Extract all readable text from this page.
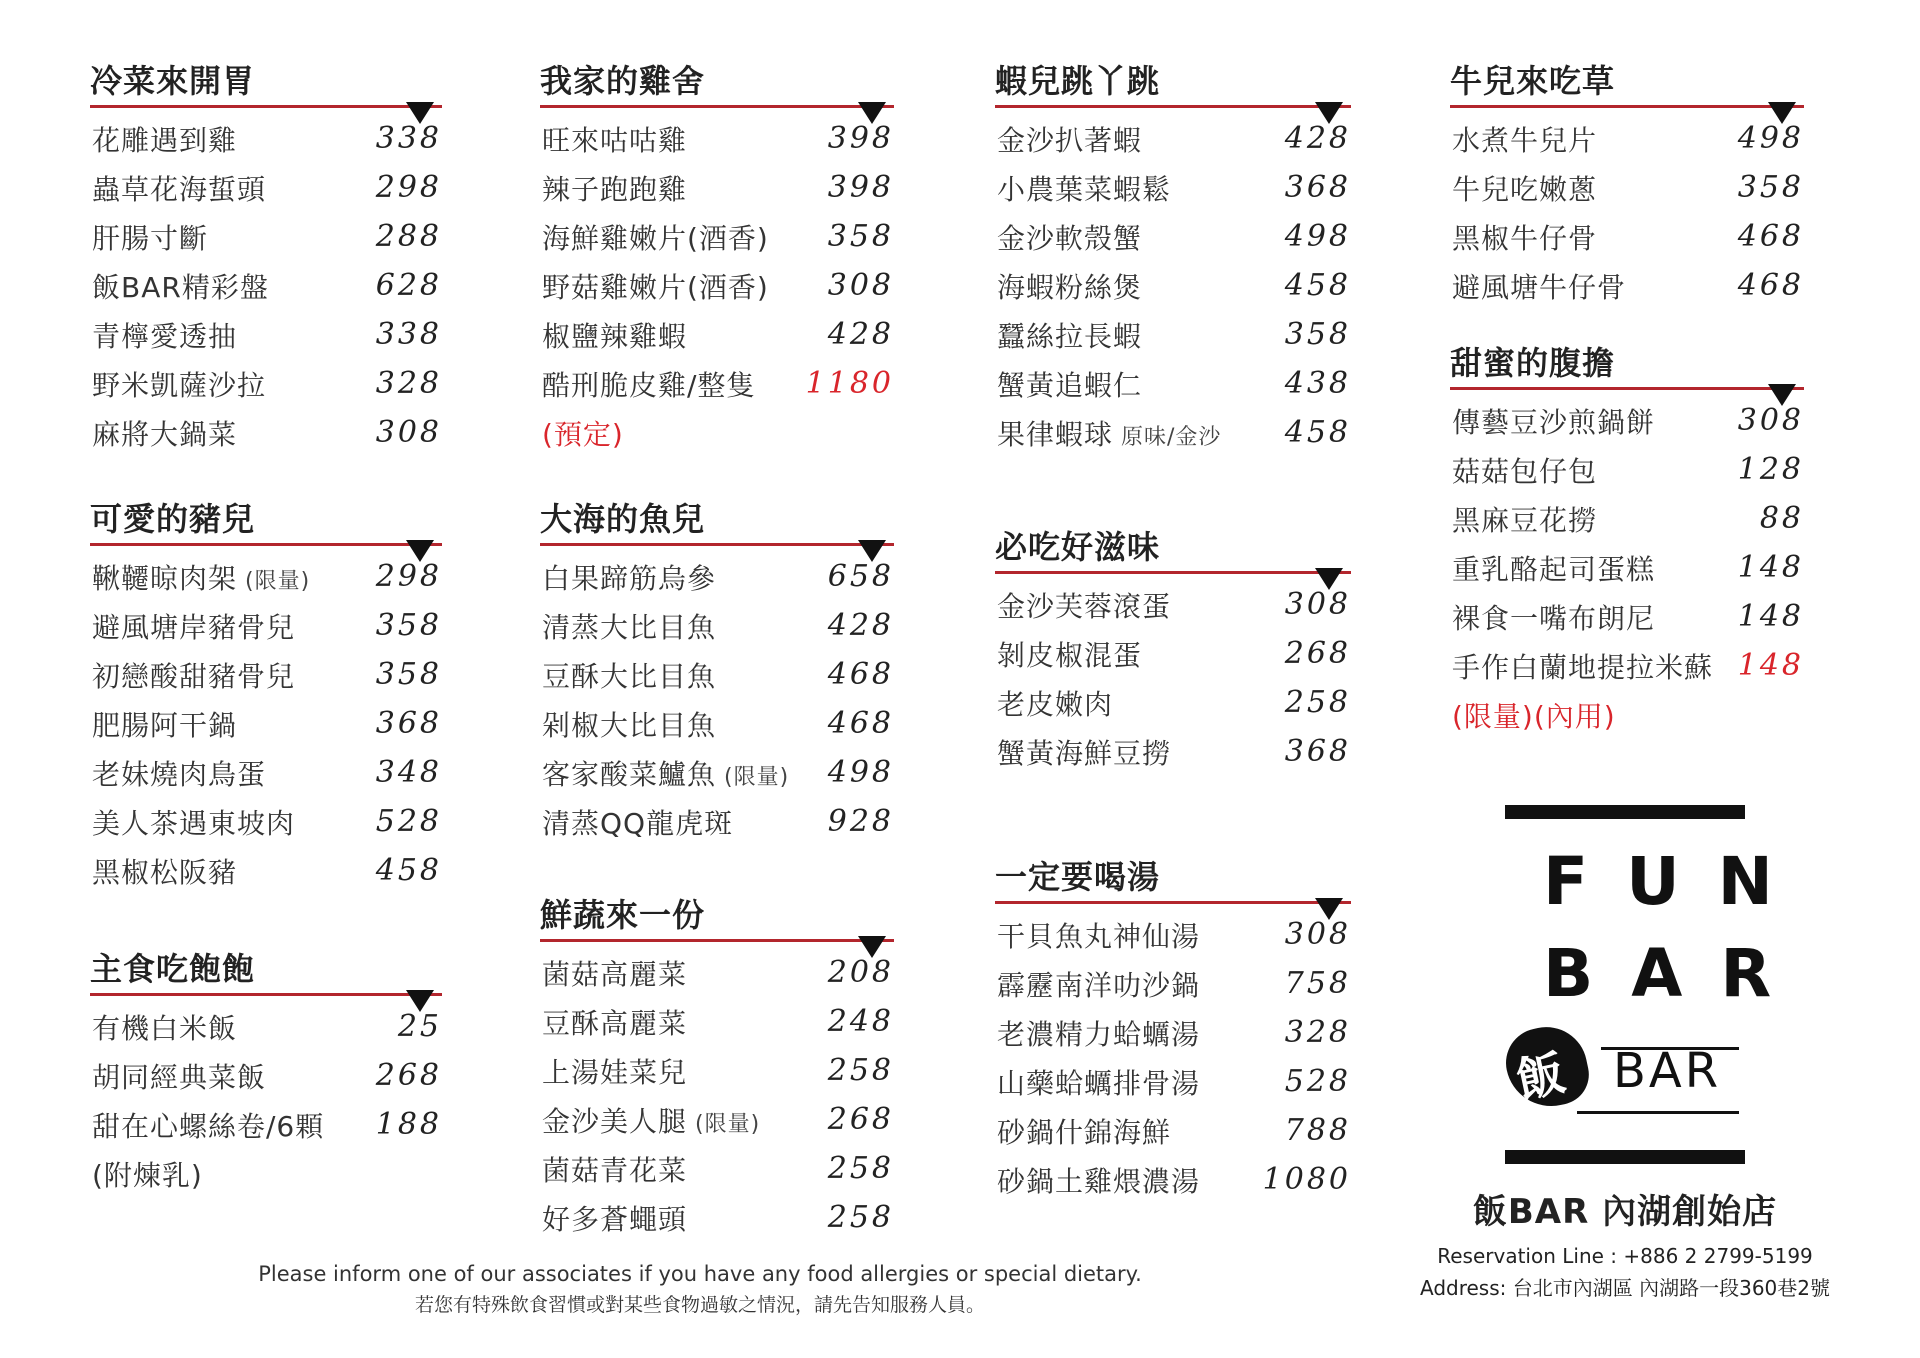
冷菜來開胃
花雕遇到雞	338
蟲草花海蜇頭	298
肝腸寸斷	288
飯BAR精彩盤	628
青檸愛透抽	338
野米凱薩沙拉	328
麻將大鍋菜	308
可愛的豬兒
鞦韆晾肉架 (限量) 298
避風塘岸豬骨兒	358
初戀酸甜豬骨兒	358
肥腸阿干鍋	368
老妹燒肉鳥蛋	348
美人茶遇東坡肉	528
黑椒松阪豬	458
主食吃飽飽
有機白米飯	25
胡同經典菜飯	268
甜在心螺絲卷/6顆 188
(附煉乳)
我家的雞舍
旺來咕咕雞	398
辣子跑跑雞	398
海鮮雞嫩片(酒香) 358
野菇雞嫩片(酒香) 308
椒鹽辣雞蝦	428
酷刑脆皮雞/整隻 1180
(預定)
大海的魚兒
白果蹄筋烏參	658
清蒸大比目魚	428
豆酥大比目魚	468
剁椒大比目魚	468
客家酸菜鱸魚 (限量) 498
清蒸QQ龍虎斑	928
鮮蔬來一份
菌菇高麗菜	208
豆酥高麗菜	248
上湯娃菜兒	258
金沙美人腿 (限量) 268
菌菇青花菜	258
好多蒼蠅頭	258
蝦兒跳丫跳
金沙扒著蝦	428
小農葉菜蝦鬆	368
金沙軟殼蟹	498
海蝦粉絲煲	458
蠶絲拉長蝦	358
蟹黃追蝦仁	438
果律蝦球 原味/金沙 458
必吃好滋味
金沙芙蓉滾蛋	308
剝皮椒混蛋	268
老皮嫩肉	258
蟹黃海鮮豆撈	368
一定要喝湯
干貝魚丸神仙湯	308
霹靂南洋叻沙鍋	758
老濃精力蛤蠣湯	328
山藥蛤蠣排骨湯	528
砂鍋什錦海鮮	788
砂鍋土雞煨濃湯 1080
牛兒來吃草
水煮牛兒片	498
牛兒吃嫩蔥	358
黑椒牛仔骨	468
避風塘牛仔骨	468
甜蜜的腹擔
傳藝豆沙煎鍋餅	308
菇菇包仔包	128
黑麻豆花撈	88
重乳酪起司蛋糕	148
裸食一嘴布朗尼	148
手作白蘭地提拉米蘇 148
(限量)(內用)
FUN
BAR
飯 BAR
飯BAR 內湖創始店
Reservation Line : +886 2 2799-5199
Address: 台北市內湖區 內湖路一段360巷2號
Please inform one of our associates if you have any food allergies or special dietary.
若您有特殊飲食習慣或對某些食物過敏之情況，請先告知服務人員。
